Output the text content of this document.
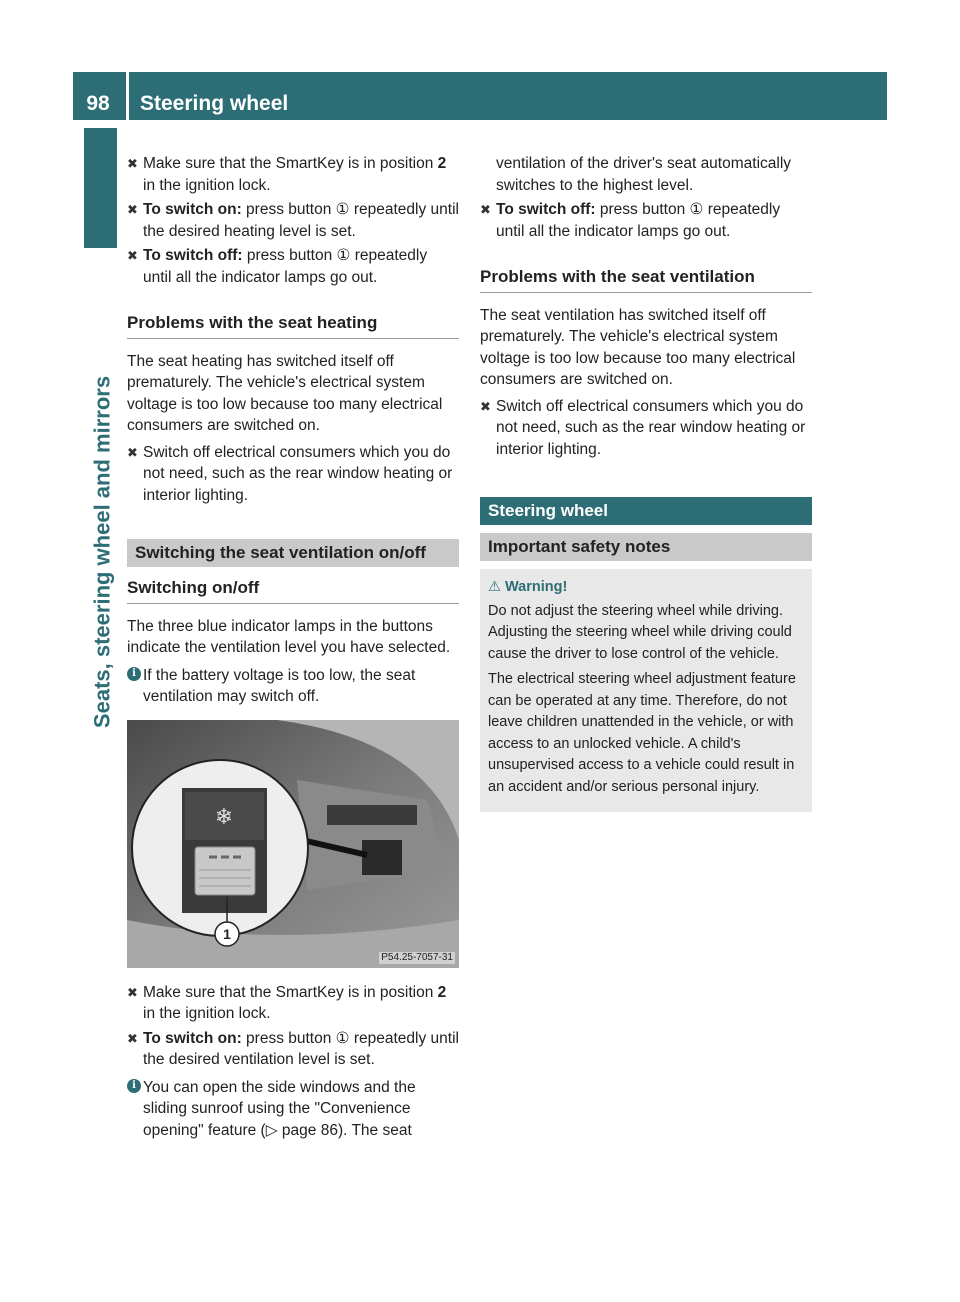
98	Steering wheel
Seats, steering wheel and mirrors
✖ Make sure that the SmartKey is in position 2 in the ignition lock.
✖ To switch on: press button ① repeatedly until the desired heating level is set.
✖ To switch off: press button ① repeatedly until all the indicator lamps go out.
Problems with the seat heating

The seat heating has switched itself off prematurely. The vehicle's electrical system voltage is too low because too many electrical consumers are switched on.

✖ Switch off electrical consumers which you do not need, such as the rear window heating or interior lighting.
Switching the seat ventilation on/off
Switching on/off

The three blue indicator lamps in the buttons indicate the ventilation level you have selected.

i If the battery voltage is too low, the seat ventilation may switch off.
❄
1
P54.25-7057-31
✖ Make sure that the SmartKey is in position 2 in the ignition lock.
✖ To switch on: press button ① repeatedly until the desired ventilation level is set.
i You can open the side windows and the sliding sunroof using the "Convenience opening" feature (▷ page 86). The seat
ventilation of the driver's seat automatically switches to the highest level.
✖ To switch off: press button ① repeatedly until all the indicator lamps go out.
Problems with the seat ventilation

The seat ventilation has switched itself off prematurely. The vehicle's electrical system voltage is too low because too many electrical consumers are switched on.

✖ Switch off electrical consumers which you do not need, such as the rear window heating or interior lighting.
Steering wheel
Important safety notes
⚠ Warning!

Do not adjust the steering wheel while driving. Adjusting the steering wheel while driving could cause the driver to lose control of the vehicle.

The electrical steering wheel adjustment feature can be operated at any time. Therefore, do not leave children unattended in the vehicle, or with access to an unlocked vehicle. A child's unsupervised access to a vehicle could result in an accident and/or serious personal injury.
